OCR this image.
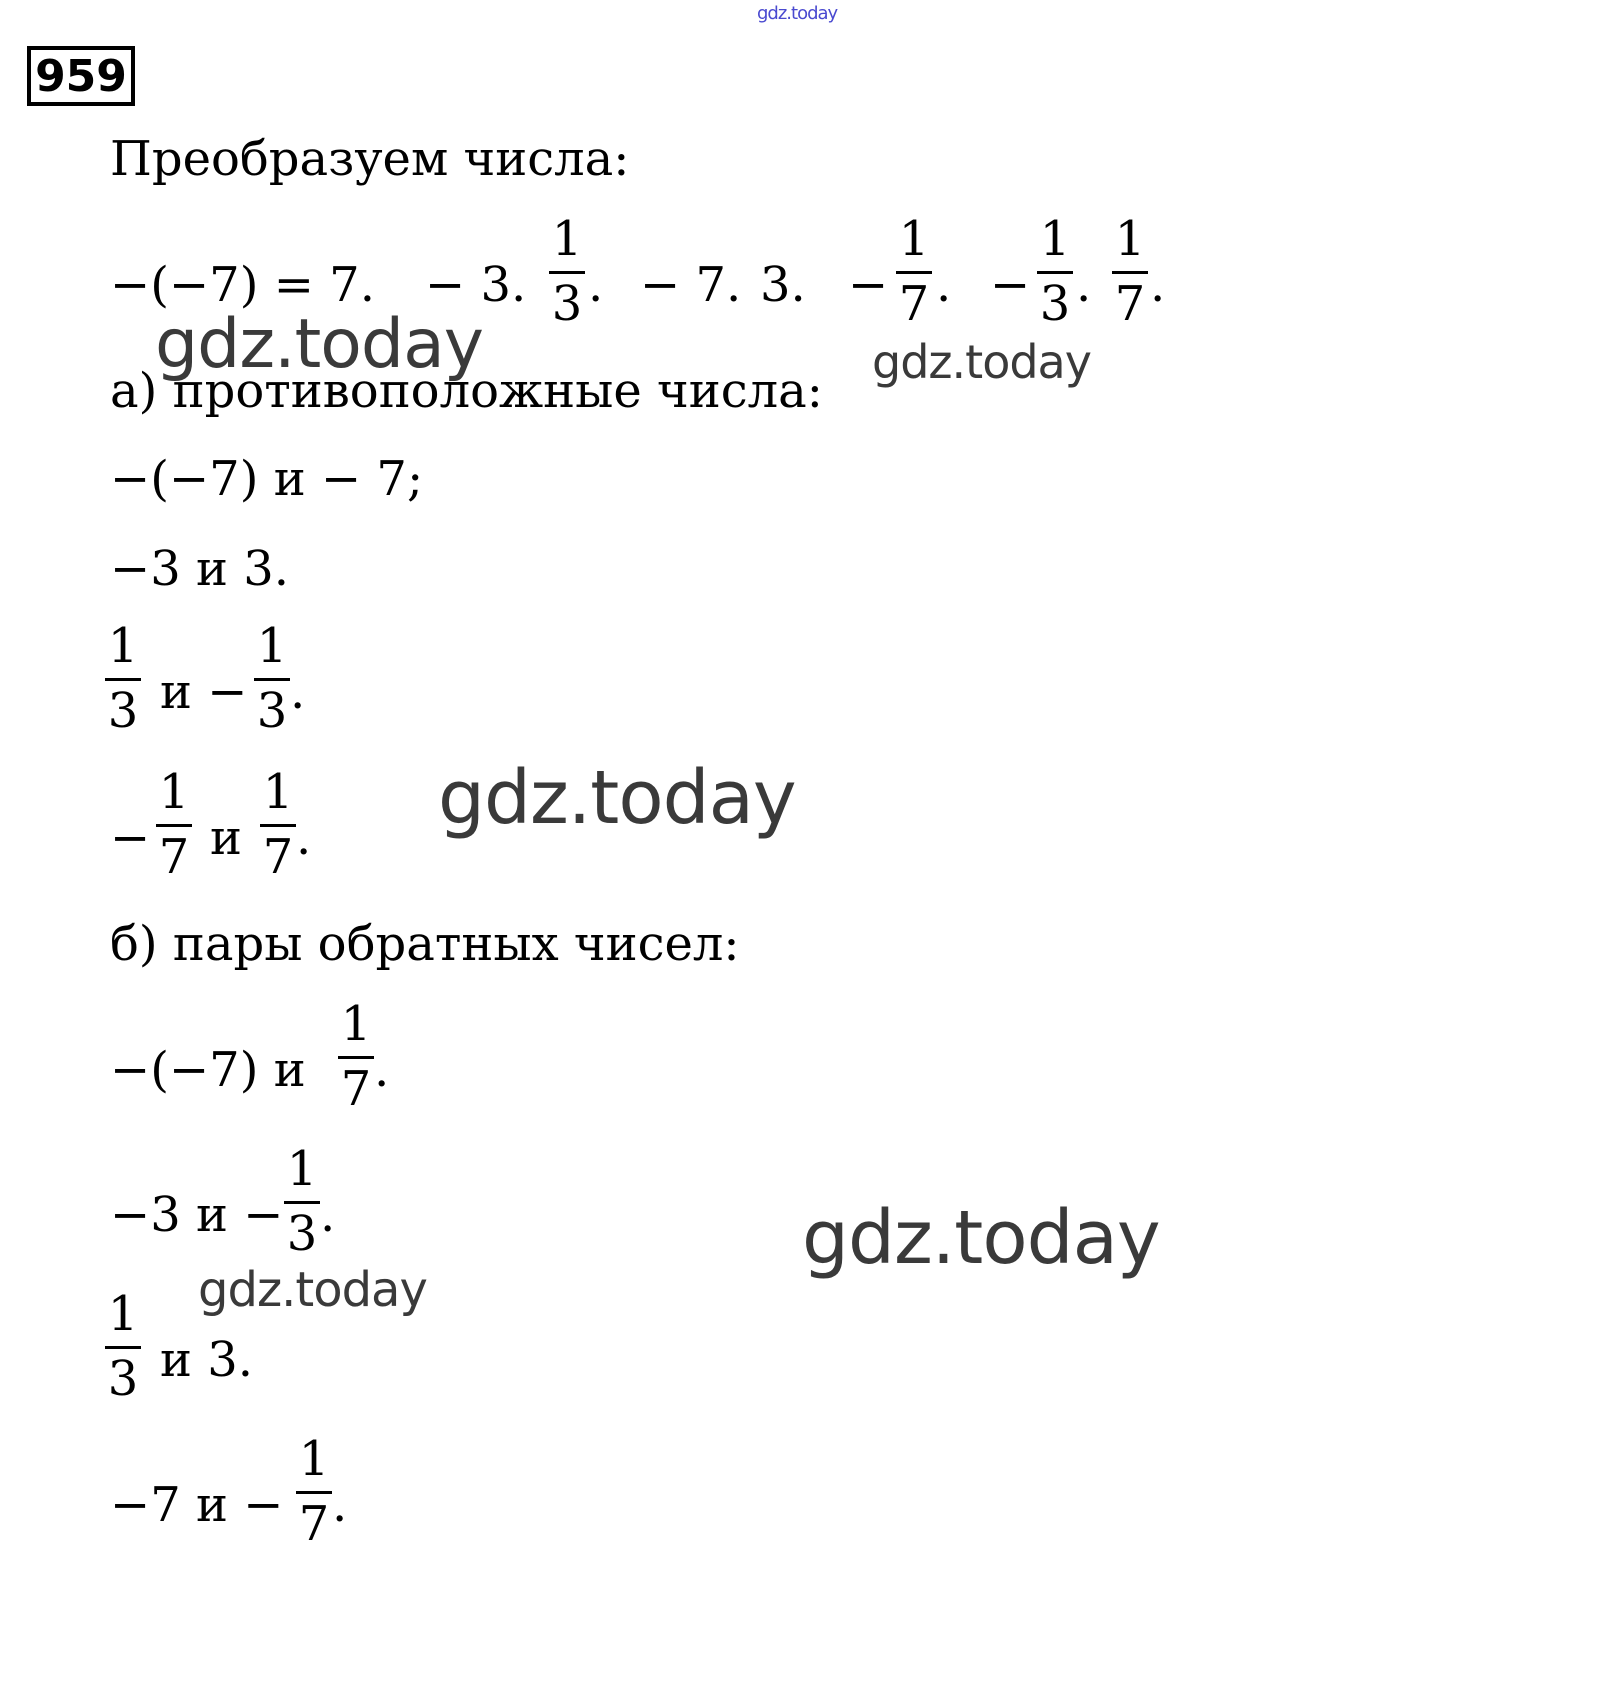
gdz.today
959
Преобразуем числа:
−(−7) = 7. − 3.
1
3 . − 7. 3. −
1
7 . −
1
3 .
1
7 .
gdz.today	gdz.today
а) противоположные числа:
−(−7) и − 7;
−3 и 3.
1
3 и −
1
3 .
−
1
7 и
1
7 . gdz.today
б) пары обратных чисел:
−(−7) и
1
7 .
−3 и −
1
3 .	gdz.today
gdz.today
1
3 и 3.
−7 и −
1
7 .
